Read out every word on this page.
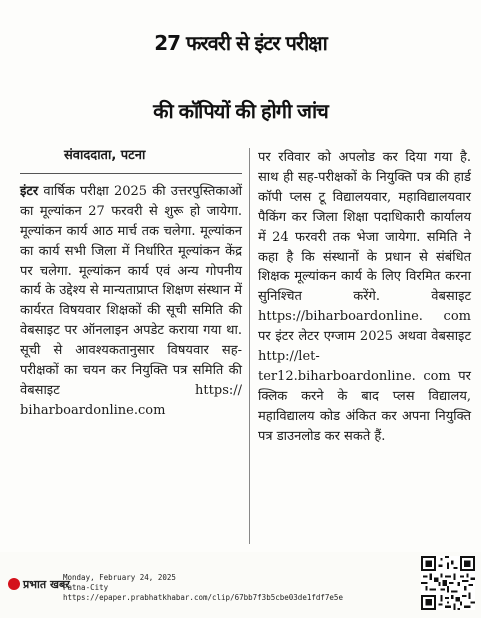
27 फरवरी से इंटर परीक्षा
की कॉपियों की होगी जांच
संवाददाता, पटना
इंटर वार्षिक परीक्षा 2025 की उत्तरपुस्तिकाओं का मूल्यांकन 27 फरवरी से शुरू हो जायेगा. मूल्यांकन कार्य आठ मार्च तक चलेगा. मूल्यांकन का कार्य सभी जिला में निर्धारित मूल्यांकन केंद्र पर चलेगा. मूल्यांकन कार्य एवं अन्य गोपनीय कार्य के उद्देश्य से मान्यताप्राप्त शिक्षण संस्थान में कार्यरत विषयवार शिक्षकों की सूची समिति की वेबसाइट पर ऑनलाइन अपडेट कराया गया था. सूची से आवश्यकतानुसार विषयवार सह-परीक्षकों का चयन कर नियुक्ति पत्र समिति की वेबसाइट https:// biharboardonline.com
पर रविवार को अपलोड कर दिया गया है. साथ ही सह-परीक्षकों के नियुक्ति पत्र की हार्ड कॉपी प्लस टू विद्यालयवार, महाविद्यालयवार पैकिंग कर जिला शिक्षा पदाधिकारी कार्यालय में 24 फरवरी तक भेजा जायेगा. समिति ने कहा है कि संस्थानों के प्रधान से संबंधित शिक्षक मूल्यांकन कार्य के लिए विरमित करना सुनिश्चित करेंगे. वेबसाइट https://biharboardonline. com पर इंटर लेटर एग्जाम 2025 अथवा वेबसाइट http://let- ter12.biharboardonline. com पर क्लिक करने के बाद प्लस विद्यालय, महाविद्यालय कोड अंकित कर अपना नियुक्ति पत्र डाउनलोड कर सकते हैं.
प्रभात खबर
Monday, February 24, 2025
Patna-City
https://epaper.prabhatkhabar.com/clip/67bb7f3b5cbe03de1fdf7e5e
